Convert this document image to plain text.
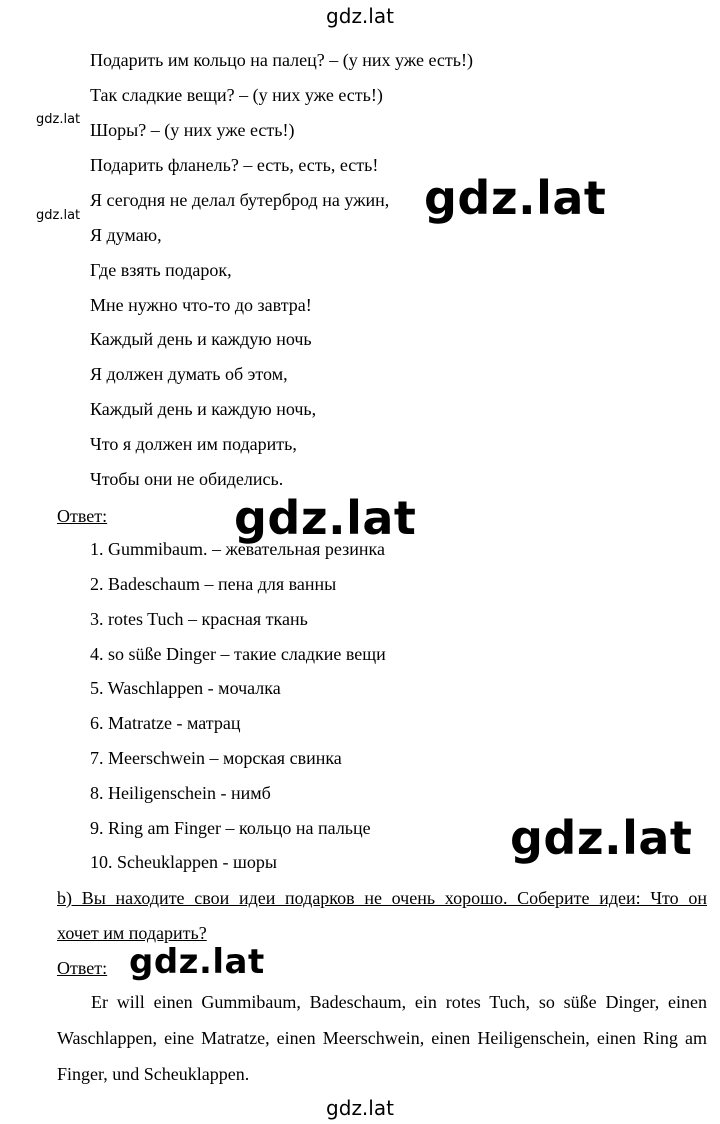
gdz.lat
gdz.lat
gdz.lat
Подарить им кольцо на палец? – (у них уже есть!)
Так сладкие вещи? – (у них уже есть!)
Шоры? – (у них уже есть!)
Подарить фланель? – есть, есть, есть!
Я сегодня не делал бутерброд на ужин,
Я думаю,
Где взять подарок,
Мне нужно что-то до завтра!
Каждый день и каждую ночь
Я должен думать об этом,
Каждый день и каждую ночь,
Что я должен им подарить,
Чтобы они не обиделись.
Ответ:
1. Gummibaum. – жевательная резинка
2. Badeschaum – пена для ванны
3. rotes Tuch – красная ткань
4. so süße Dinger – такие сладкие вещи
5. Waschlappen - мочалка
6. Matratze - матрац
7. Meerschwein – морская свинка
8. Heiligenschein - нимб
9. Ring am Finger – кольцо на пальце
10. Scheuklappen - шоры
b) Вы находите свои идеи подарков не очень хорошо. Соберите идеи: Что он
хочет им подарить?
Ответ:
Er will einen Gummibaum, Badeschaum, ein rotes Tuch, so süße Dinger, einen Waschlappen, eine Matratze, einen Meerschwein, einen Heiligenschein, einen Ring am Finger, und Scheuklappen.
gdz.lat
gdz.lat
gdz.lat
gdz.lat
gdz.lat
